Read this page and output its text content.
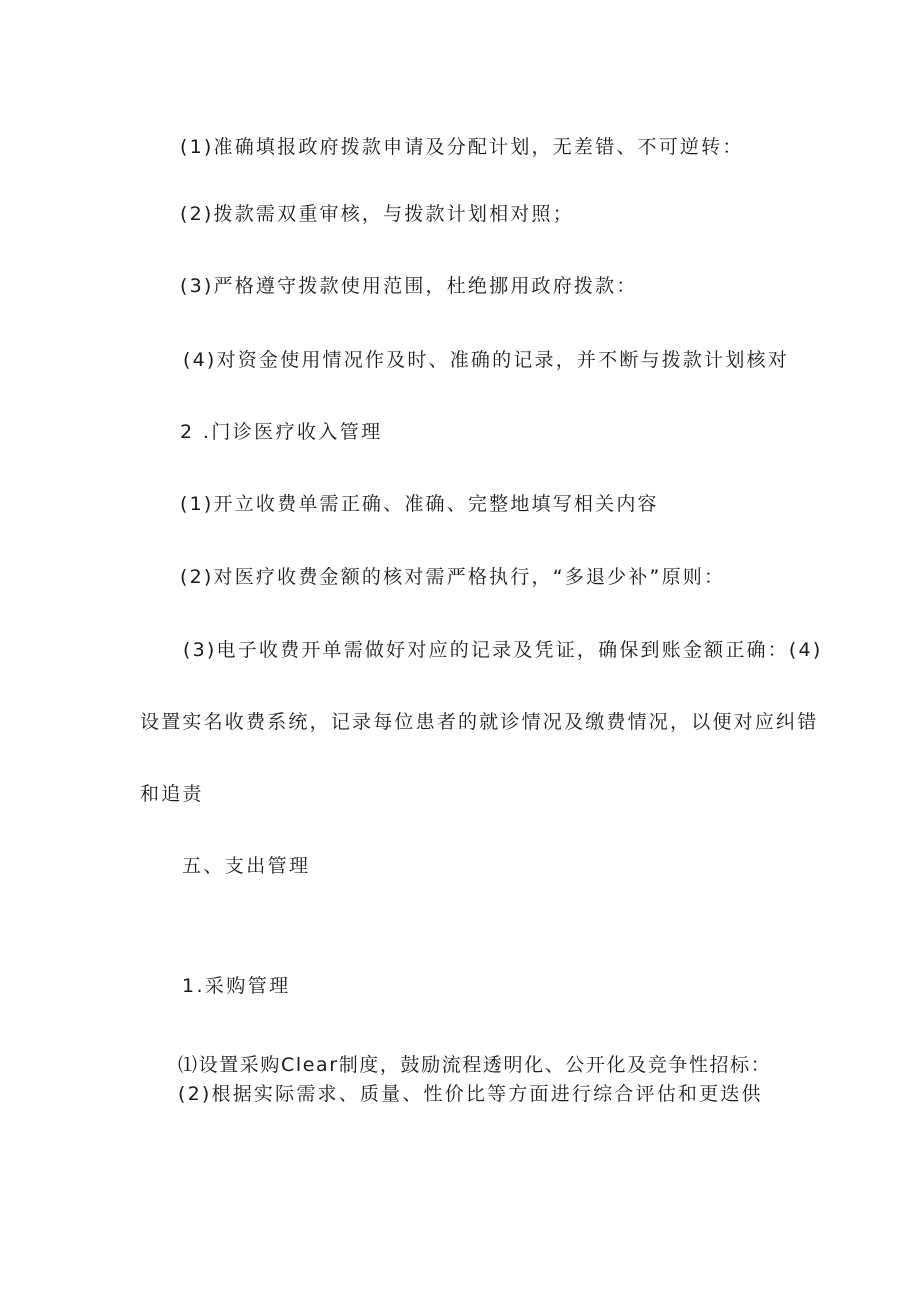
(1)准确填报政府拨款申请及分配计划，无差错、不可逆转：
(2)拨款需双重审核，与拨款计划相对照；
(3)严格遵守拨款使用范围，杜绝挪用政府拨款：
(4)对资金使用情况作及时、准确的记录，并不断与拨款计划核对
2 .门诊医疗收入管理
(1)开立收费单需正确、准确、完整地填写相关内容
(2)对医疗收费金额的核对需严格执行，“多退少补”原则：
(3)电子收费开单需做好对应的记录及凭证，确保到账金额正确：(4)
设置实名收费系统，记录每位患者的就诊情况及缴费情况，以便对应纠错
和追责
五、支出管理
1.采购管理
⑴设置采购Clear制度，鼓励流程透明化、公开化及竞争性招标：
(2)根据实际需求、质量、性价比等方面进行综合评估和更迭供
